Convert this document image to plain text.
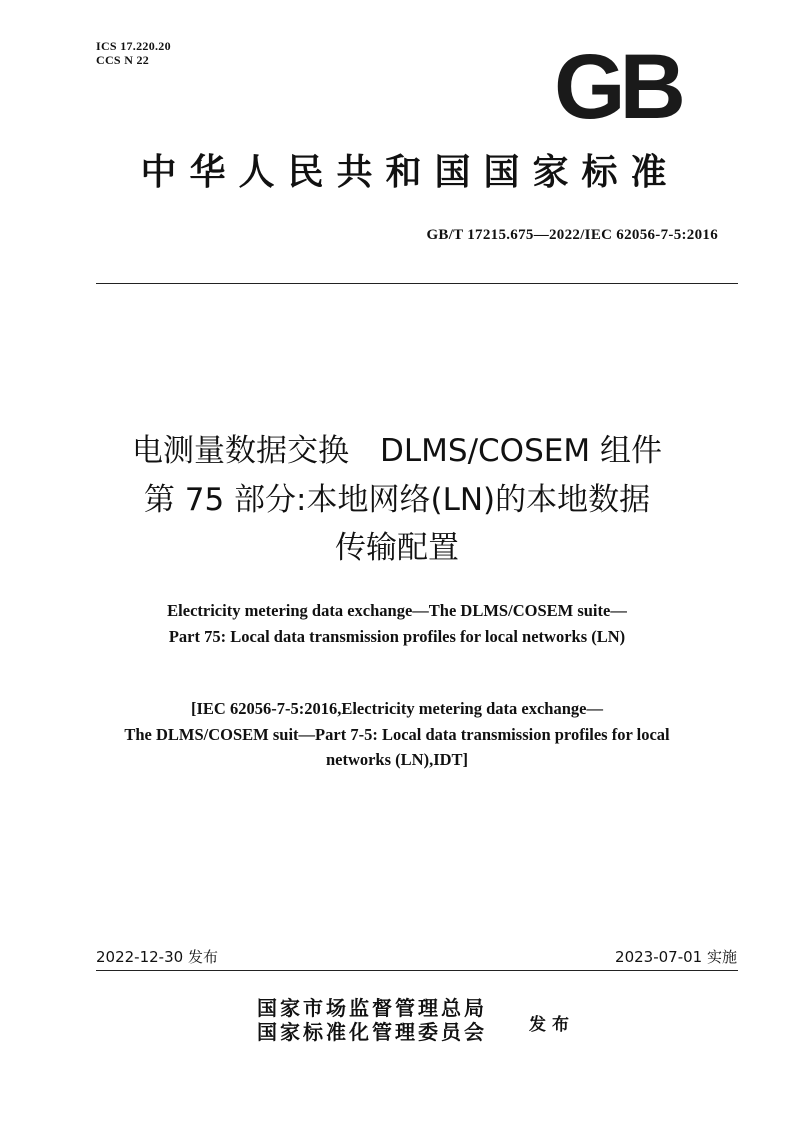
ICS 17.220.20
CCS N 22	GB
中华人民共和国国家标准
GB/T 17215.675—2022/IEC 62056-7-5:2016
电测量数据交换　DLMS/COSEM 组件
第 75 部分:本地网络(LN)的本地数据
传输配置
Electricity metering data exchange—The DLMS/COSEM suite—
Part 75: Local data transmission profiles for local networks (LN)
[IEC 62056-7-5:2016,Electricity metering data exchange—
The DLMS/COSEM suit—Part 7-5: Local data transmission profiles for local
networks (LN),IDT]
2022-12-30 发布	2023-07-01 实施
国家市场监督管理总局
国家标准化管理委员会 发布
